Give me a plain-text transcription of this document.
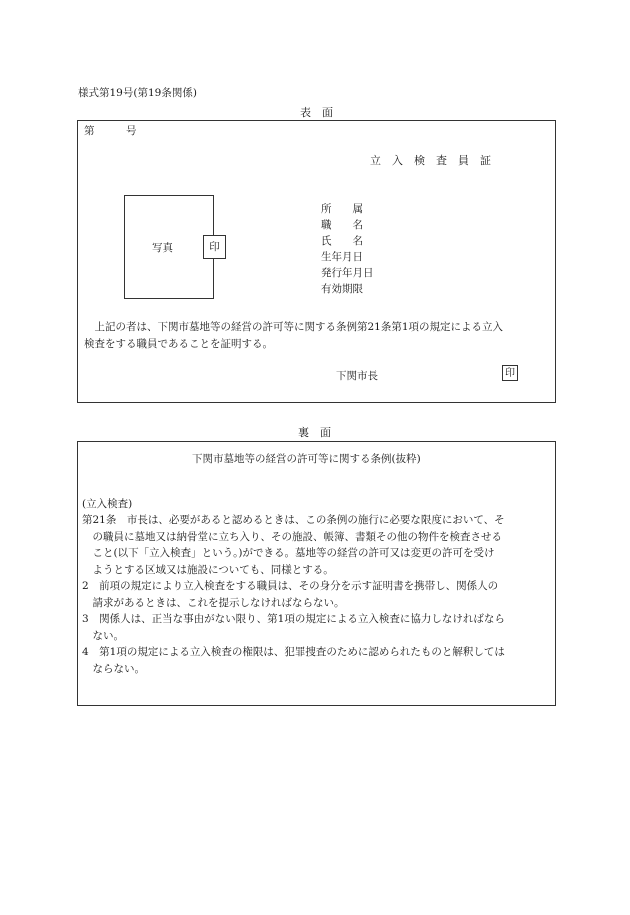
様式第19号(第19条関係)
表　面
第　　　号
立　入　検　査　員　証
写真	印
所　　属
職　　名
氏　　名
生年月日
発行年月日
有効期限
　上記の者は、下関市墓地等の経営の許可等に関する条例第21条第1項の規定による立入
検査をする職員であることを証明する。
下関市長	印
裏　面
下関市墓地等の経営の許可等に関する条例(抜粋)
(立入検査)
第21条　市長は、必要があると認めるときは、この条例の施行に必要な限度において、そ
　の職員に墓地又は納骨堂に立ち入り、その施設、帳簿、書類その他の物件を検査させる
　こと(以下「立入検査」という。)ができる。墓地等の経営の許可又は変更の許可を受け
　ようとする区域又は施設についても、同様とする。
2　前項の規定により立入検査をする職員は、その身分を示す証明書を携帯し、関係人の
　請求があるときは、これを提示しなければならない。
3　関係人は、正当な事由がない限り、第1項の規定による立入検査に協力しなければなら
　ない。
4　第1項の規定による立入検査の権限は、犯罪捜査のために認められたものと解釈しては
　ならない。
